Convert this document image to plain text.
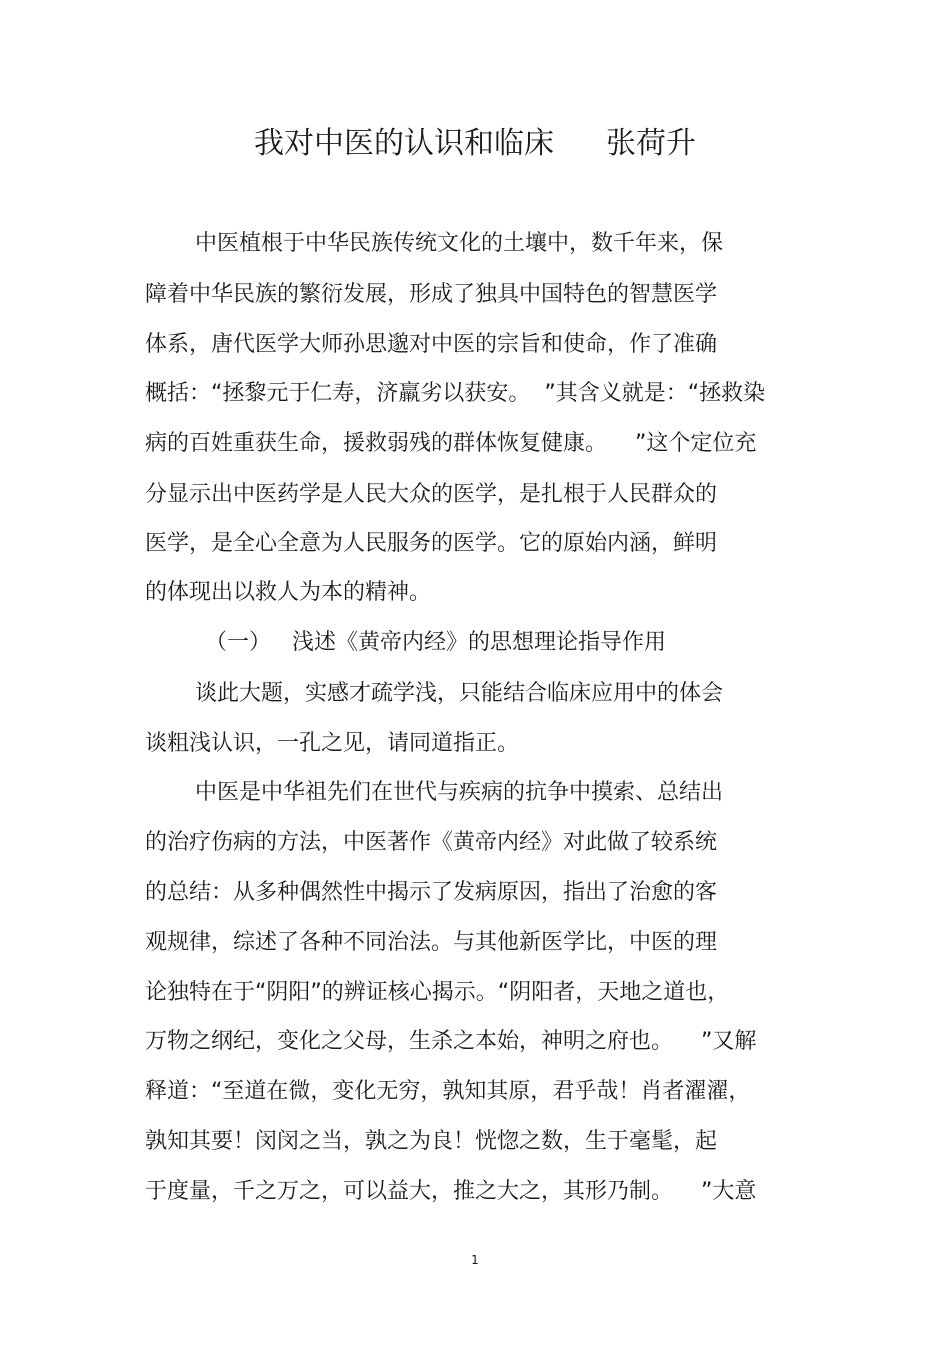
我对中医的认识和临床 张荷升
中医植根于中华民族传统文化的土壤中，数千年来，保
障着中华民族的繁衍发展，形成了独具中国特色的智慧医学
体系，唐代医学大师孙思邈对中医的宗旨和使命，作了准确
概括：“拯黎元于仁寿，济羸劣以获安。  ”其含义就是：“拯救染
病的百姓重获生命，援救弱残的群体恢复健康。    ”这个定位充
分显示出中医药学是人民大众的医学，是扎根于人民群众的
医学，是全心全意为人民服务的医学。它的原始内涵，鲜明
的体现出以救人为本的精神。
（一）   浅述《黄帝内经》的思想理论指导作用
谈此大题，实感才疏学浅，只能结合临床应用中的体会
谈粗浅认识，一孔之见，请同道指正。
中医是中华祖先们在世代与疾病的抗争中摸索、总结出
的治疗伤病的方法，中医著作《黄帝内经》对此做了较系统
的总结：从多种偶然性中揭示了发病原因，指出了治愈的客
观规律，综述了各种不同治法。与其他新医学比，中医的理
论独特在于“阴阳”的辨证核心揭示。“阴阳者，天地之道也，
万物之纲纪，变化之父母，生杀之本始，神明之府也。    ”又解
释道：“至道在微，变化无穷，孰知其原，君乎哉！肖者濯濯，
孰知其要！闵闵之当，孰之为良！恍惚之数，生于毫髦，起
于度量，千之万之，可以益大，推之大之，其形乃制。    ”大意
1
